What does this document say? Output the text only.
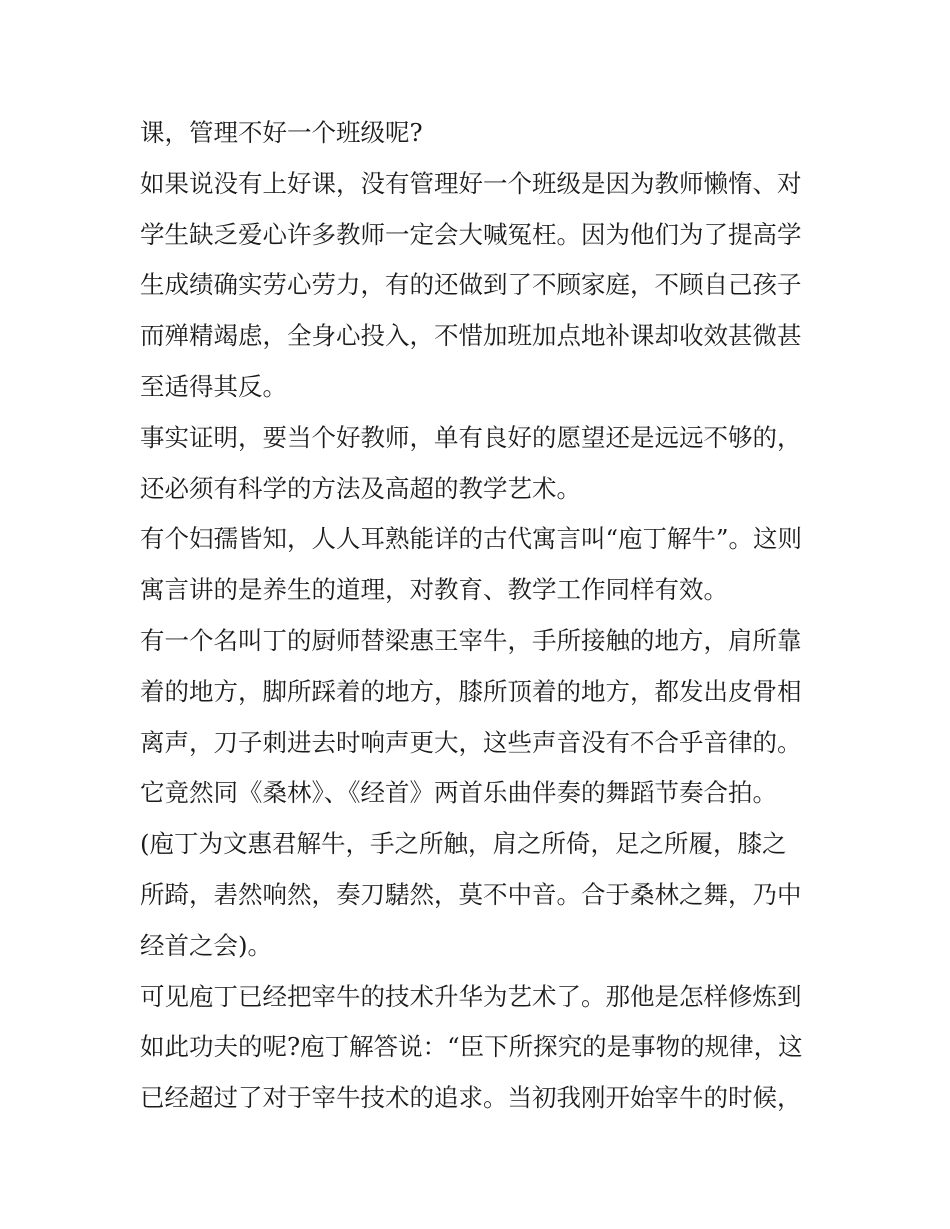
课，管理不好一个班级呢?
如果说没有上好课，没有管理好一个班级是因为教师懒惰、对
学生缺乏爱心许多教师一定会大喊冤枉。因为他们为了提高学
生成绩确实劳心劳力，有的还做到了不顾家庭，不顾自己孩子
而殚精竭虑，全身心投入，不惜加班加点地补课却收效甚微甚
至适得其反。
事实证明，要当个好教师，单有良好的愿望还是远远不够的，
还必须有科学的方法及高超的教学艺术。
有个妇孺皆知，人人耳熟能详的古代寓言叫“庖丁解牛”。这则
寓言讲的是养生的道理，对教育、教学工作同样有效。
有一个名叫丁的厨师替梁惠王宰牛，手所接触的地方，肩所靠
着的地方，脚所踩着的地方，膝所顶着的地方，都发出皮骨相
离声，刀子刺进去时响声更大，这些声音没有不合乎音律的。
它竟然同《桑林》、《经首》两首乐曲伴奏的舞蹈节奏合拍。
(庖丁为文惠君解牛，手之所触，肩之所倚，足之所履，膝之
所踦，砉然响然，奏刀騞然，莫不中音。合于桑林之舞，乃中
经首之会)。
可见庖丁已经把宰牛的技术升华为艺术了。那他是怎样修炼到
如此功夫的呢?庖丁解答说：“臣下所探究的是事物的规律，这
已经超过了对于宰牛技术的追求。当初我刚开始宰牛的时候，
